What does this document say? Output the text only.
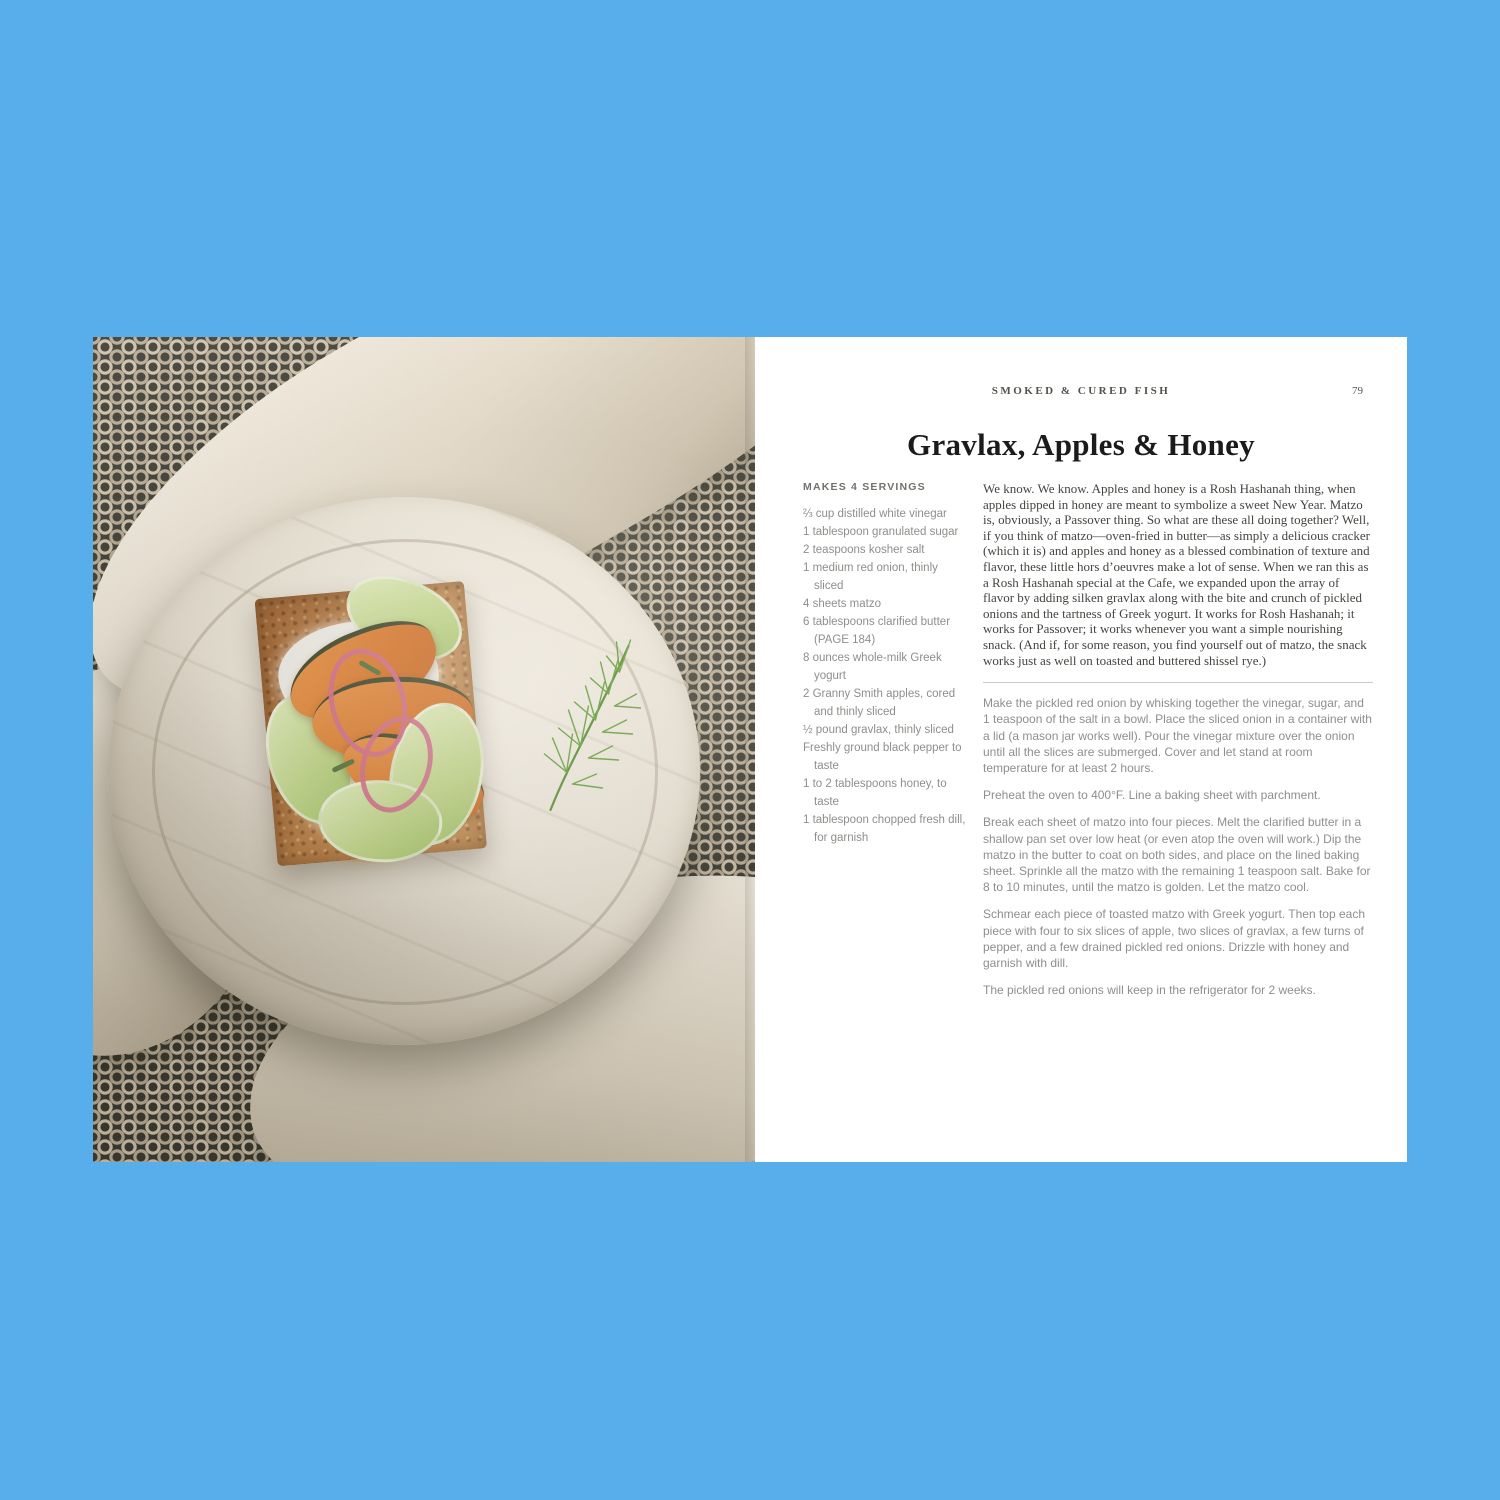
SMOKED & CURED FISH	79
Gravlax, Apples & Honey
MAKES 4 SERVINGS
⅔ cup distilled white vinegar
1 tablespoon granulated sugar
2 teaspoons kosher salt
1 medium red onion, thinly sliced
4 sheets matzo
6 tablespoons clarified butter (PAGE 184)
8 ounces whole-milk Greek yogurt
2 Granny Smith apples, cored and thinly sliced
½ pound gravlax, thinly sliced
Freshly ground black pepper to taste
1 to 2 tablespoons honey, to taste
1 tablespoon chopped fresh dill, for garnish

We know. We know. Apples and honey is a Rosh Hashanah thing, when apples dipped in honey are meant to symbolize a sweet New Year. Matzo is, obviously, a Passover thing. So what are these all doing together? Well, if you think of matzo—oven-fried in butter—as simply a delicious cracker (which it is) and apples and honey as a blessed combination of texture and flavor, these little hors d’oeuvres make a lot of sense. When we ran this as a Rosh Hashanah special at the Cafe, we expanded upon the array of flavor by adding silken gravlax along with the bite and crunch of pickled onions and the tartness of Greek yogurt. It works for Rosh Hashanah; it works for Passover; it works whenever you want a simple nourishing snack. (And if, for some reason, you find yourself out of matzo, the snack works just as well on toasted and buttered shissel rye.)

Make the pickled red onion by whisking together the vinegar, sugar, and 1 teaspoon of the salt in a bowl. Place the sliced onion in a container with a lid (a mason jar works well). Pour the vinegar mixture over the onion until all the slices are submerged. Cover and let stand at room temperature for at least 2 hours.

Preheat the oven to 400°F. Line a baking sheet with parchment.

Break each sheet of matzo into four pieces. Melt the clarified butter in a shallow pan set over low heat (or even atop the oven will work.) Dip the matzo in the butter to coat on both sides, and place on the lined baking sheet. Sprinkle all the matzo with the remaining 1 teaspoon salt. Bake for 8 to 10 minutes, until the matzo is golden. Let the matzo cool.

Schmear each piece of toasted matzo with Greek yogurt. Then top each piece with four to six slices of apple, two slices of gravlax, a few turns of pepper, and a few drained pickled red onions. Drizzle with honey and garnish with dill.

The pickled red onions will keep in the refrigerator for 2 weeks.
